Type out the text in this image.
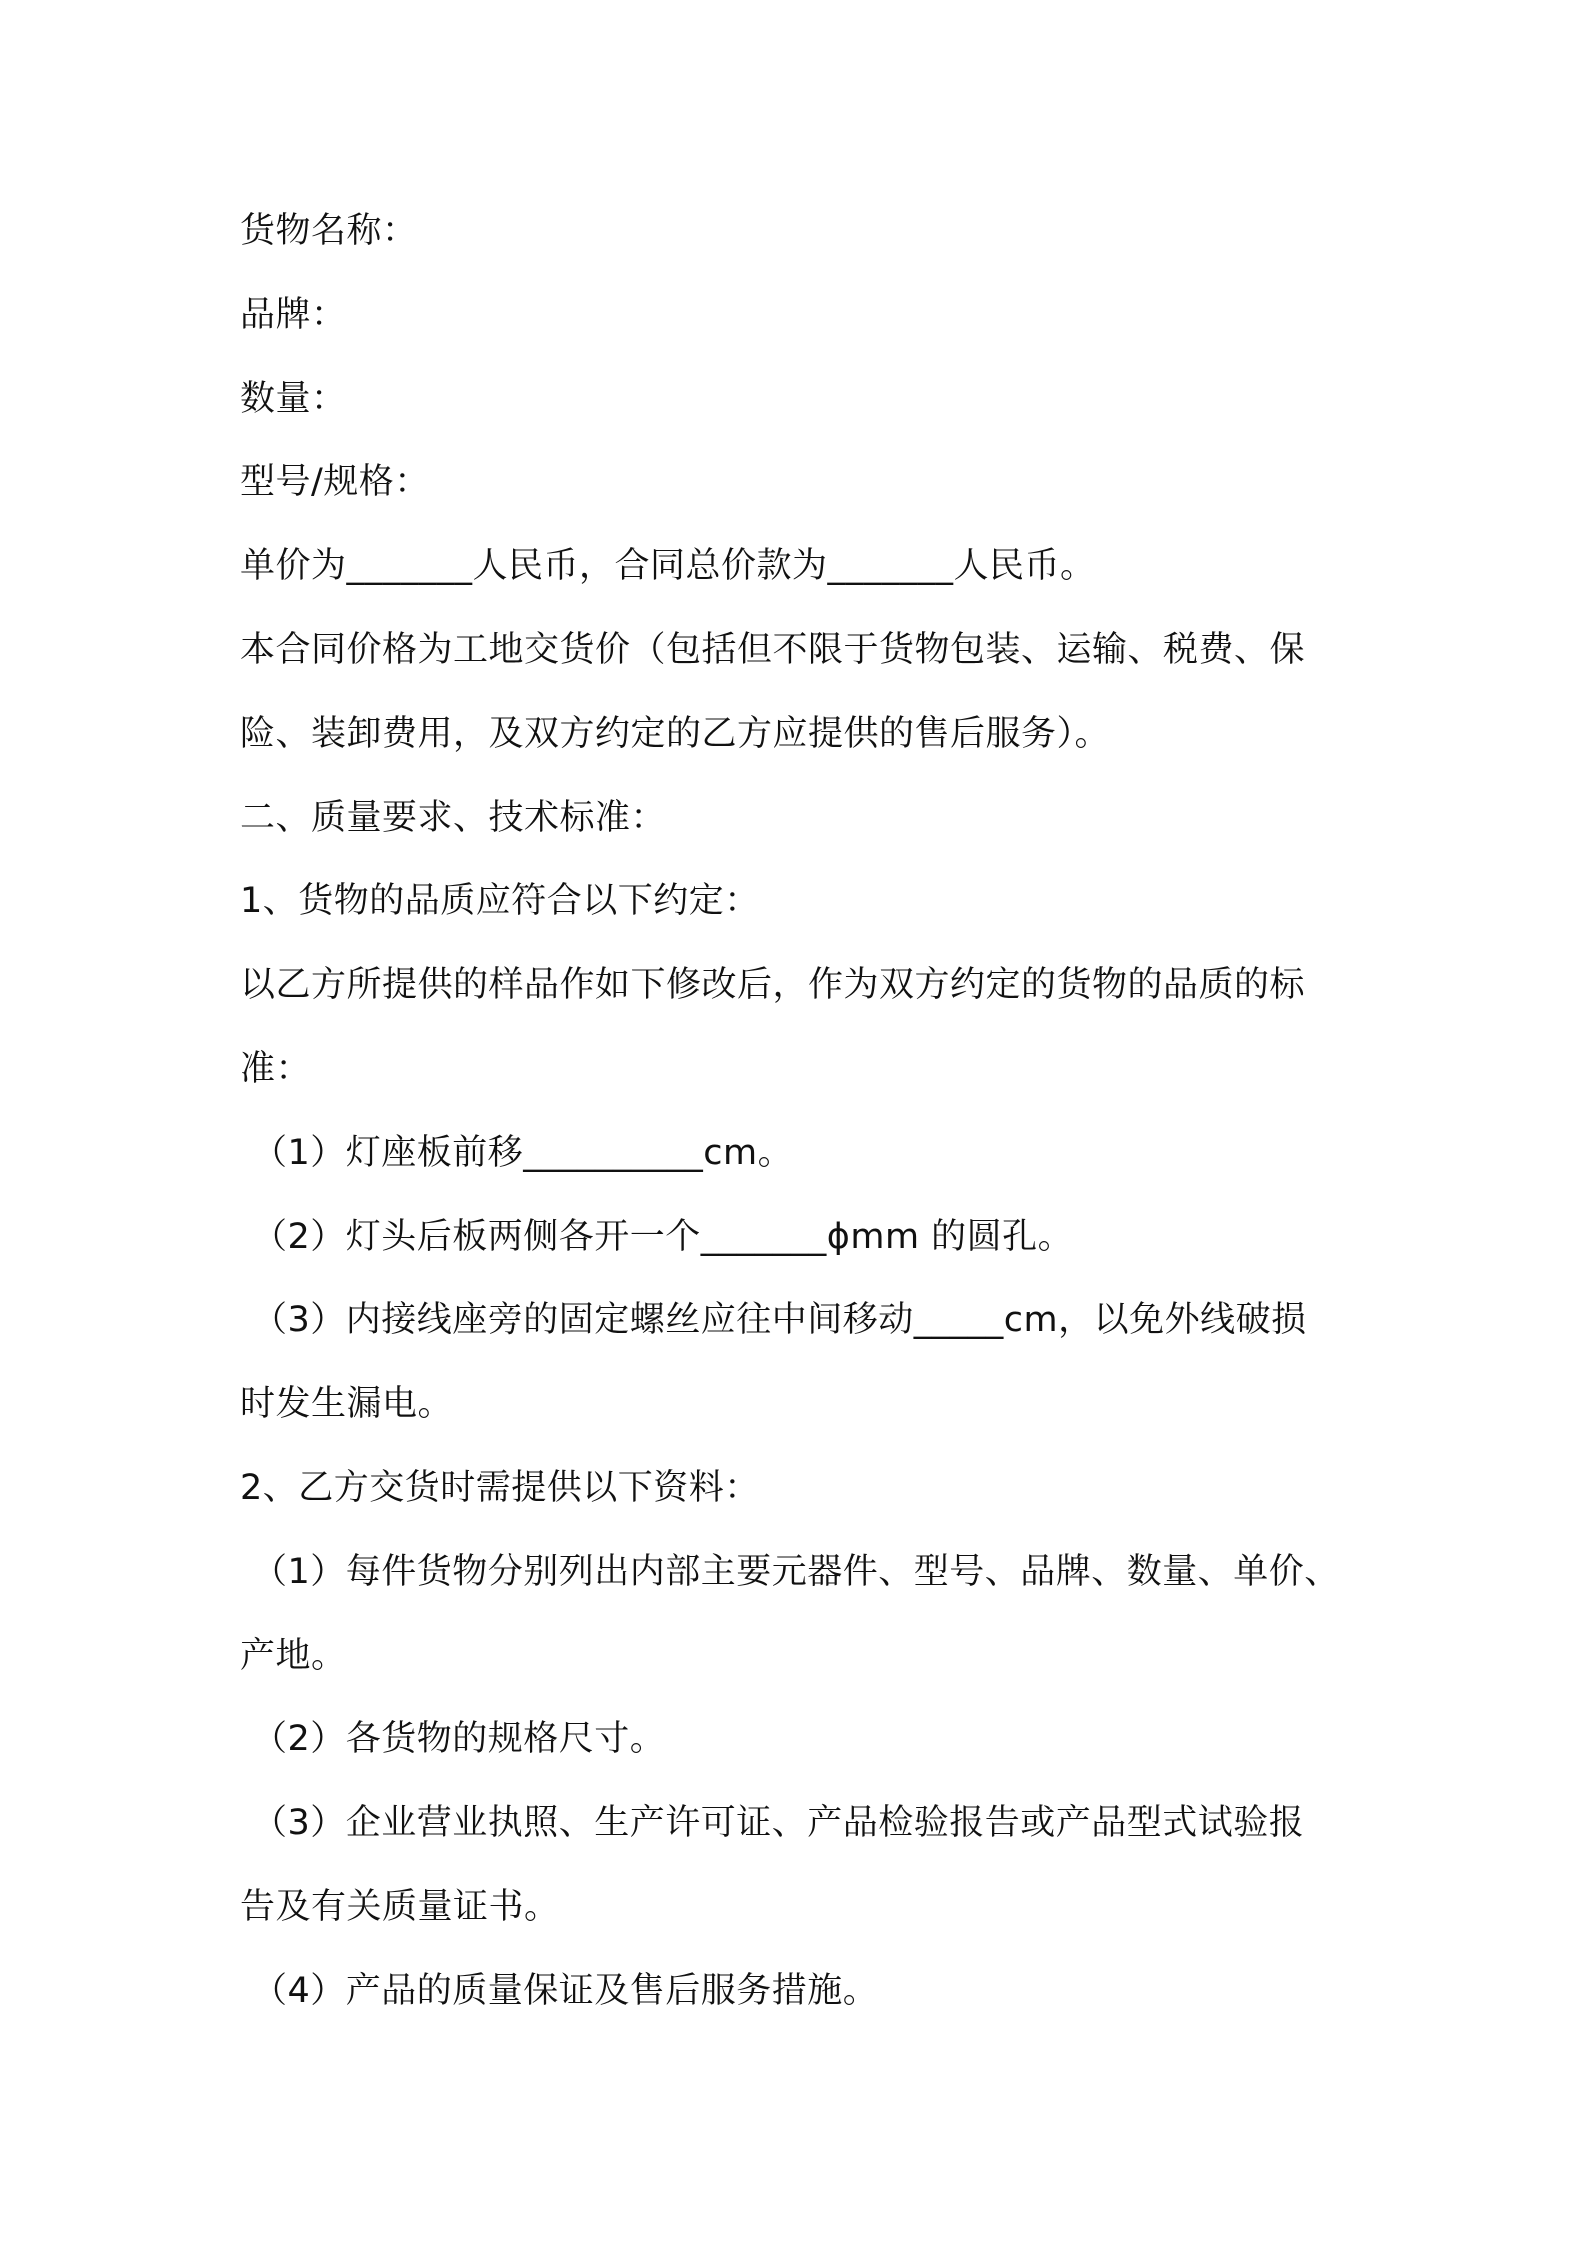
货物名称：
品牌：
数量：
型号/规格：
单价为_______人民币，合同总价款为_______人民币。
本合同价格为工地交货价（包括但不限于货物包装、运输、税费、保
险、装卸费用，及双方约定的乙方应提供的售后服务）。
二、质量要求、技术标准：
1、货物的品质应符合以下约定：
以乙方所提供的样品作如下修改后，作为双方约定的货物的品质的标
准：
（1）灯座板前移__________cm。
（2）灯头后板两侧各开一个_______ϕmm 的圆孔。
（3）内接线座旁的固定螺丝应往中间移动_____cm，以免外线破损
时发生漏电。
2、乙方交货时需提供以下资料：
（1）每件货物分别列出内部主要元器件、型号、品牌、数量、单价、
产地。
（2）各货物的规格尺寸。
（3）企业营业执照、生产许可证、产品检验报告或产品型式试验报
告及有关质量证书。
（4）产品的质量保证及售后服务措施。
